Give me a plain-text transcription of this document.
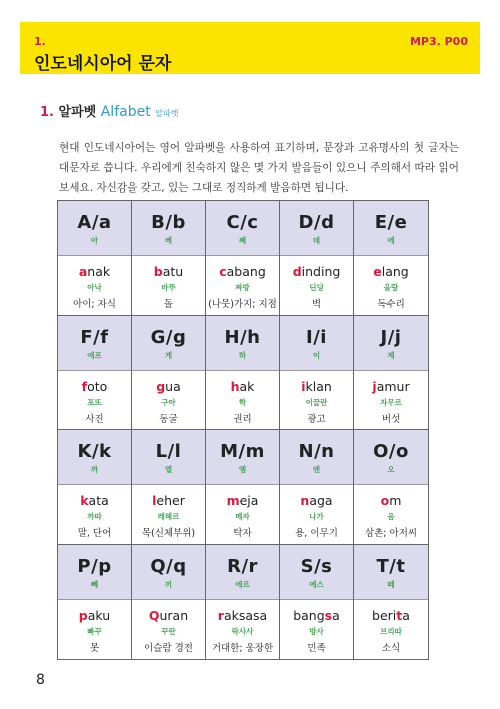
1.	MP3. P00
인도네시아어 문자
1. 알파벳 Alfabet 알파벳

현대 인도네시아어는 영어 알파벳을 사용하여 표기하며, 문장과 고유명사의 첫 글자는 대문자로 씁니다. 우리에게 친숙하지 않은 몇 가지 발음들이 있으니 주의해서 따라 읽어 보세요. 자신감을 갖고, 있는 그대로 정직하게 발음하면 됩니다.

A/a
아
anak
아낙
아이; 자식
B/b
베
batu
바뚜
돌
C/c
쩨
cabang
짜방
(나뭇)가지; 지점
D/d
데
dinding
딘딩
벽
E/e
에
elang
을랑
독수리
F/f
에프
foto
포또
사진
G/g
게
gua
구아
동굴
H/h
하
hak
학
권리
I/i
이
iklan
이끌란
광고
J/j
제
jamur
자무르
버섯
K/k
까
kata
까따
말, 단어
L/l
엘
leher
레헤르
목(신체부위)
M/m
엠
meja
메자
탁자
N/n
엔
naga
나가
용, 이무기
O/o
오
om
옴
삼촌; 아저씨
P/p
뻬
paku
빠꾸
못
Q/q
끼
Quran
꾸란
이슬람 경전
R/r
에르
raksasa
락사사
거대한; 웅장한
S/s
에스
bangsa
방사
민족
T/t
떼
berita
브리따
소식
8
